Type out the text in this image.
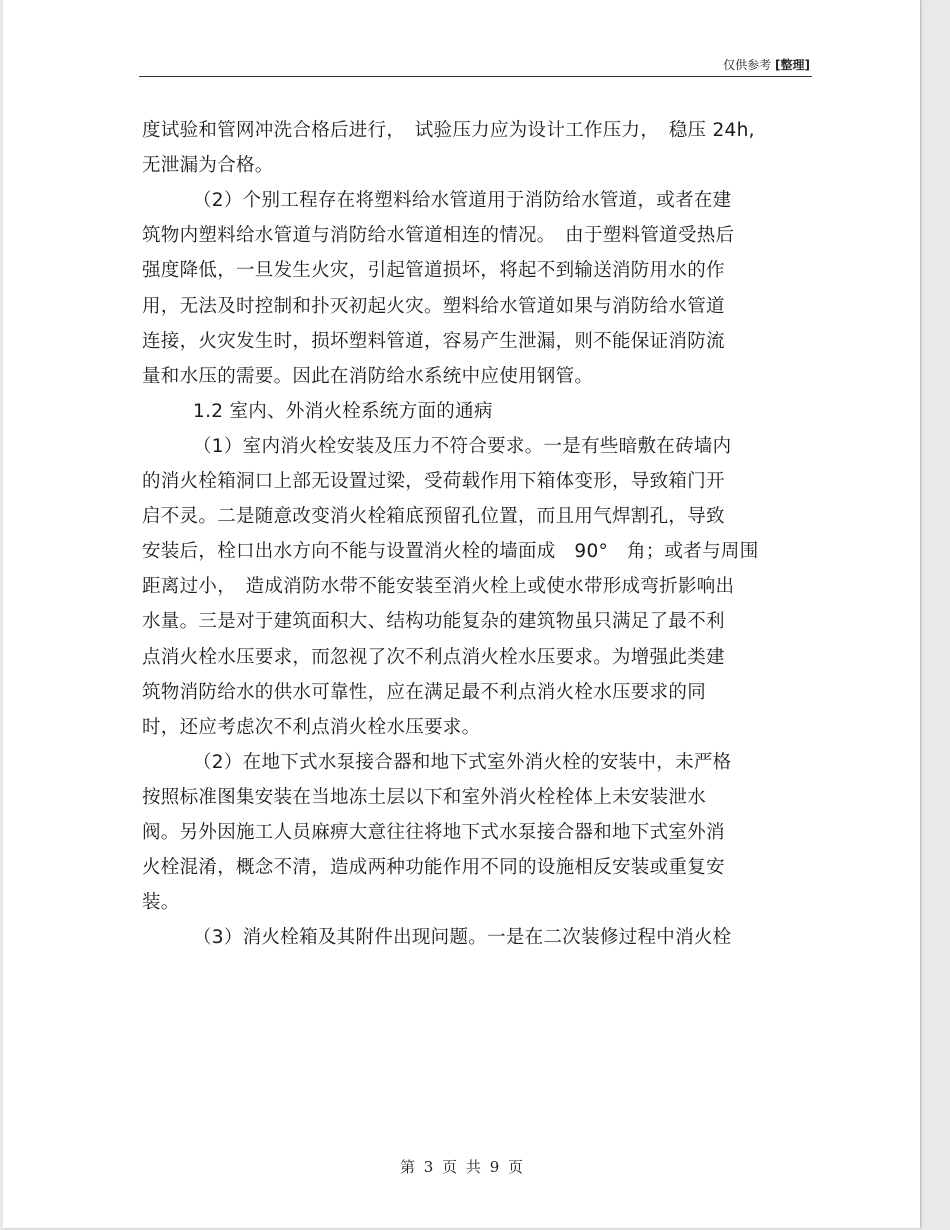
仅供参考 [整理]
度试验和管网冲洗合格后进行，　试验压力应为设计工作压力，　稳压 24h,
无泄漏为合格。
（2）个别工程存在将塑料给水管道用于消防给水管道，或者在建
筑物内塑料给水管道与消防给水管道相连的情况。　由于塑料管道受热后
强度降低，一旦发生火灾，引起管道损坏，将起不到输送消防用水的作
用，无法及时控制和扑灭初起火灾。塑料给水管道如果与消防给水管道
连接，火灾发生时，损坏塑料管道，容易产生泄漏，则不能保证消防流
量和水压的需要。因此在消防给水系统中应使用钢管。
1.2 室内、外消火栓系统方面的通病
（1）室内消火栓安装及压力不符合要求。一是有些暗敷在砖墙内
的消火栓箱洞口上部无设置过梁，受荷载作用下箱体变形，导致箱门开
启不灵。二是随意改变消火栓箱底预留孔位置，而且用气焊割孔，导致
安装后，栓口出水方向不能与设置消火栓的墙面成　90°　角；或者与周围
距离过小，　造成消防水带不能安装至消火栓上或使水带形成弯折影响出
水量。三是对于建筑面积大、结构功能复杂的建筑物虽只满足了最不利
点消火栓水压要求，而忽视了次不利点消火栓水压要求。为增强此类建
筑物消防给水的供水可靠性，应在满足最不利点消火栓水压要求的同
时，还应考虑次不利点消火栓水压要求。
（2）在地下式水泵接合器和地下式室外消火栓的安装中，未严格
按照标准图集安装在当地冻土层以下和室外消火栓栓体上未安装泄水
阀。另外因施工人员麻痹大意往往将地下式水泵接合器和地下式室外消
火栓混淆，概念不清，造成两种功能作用不同的设施相反安装或重复安
装。
（3）消火栓箱及其附件出现问题。一是在二次装修过程中消火栓
第 3 页 共 9 页
